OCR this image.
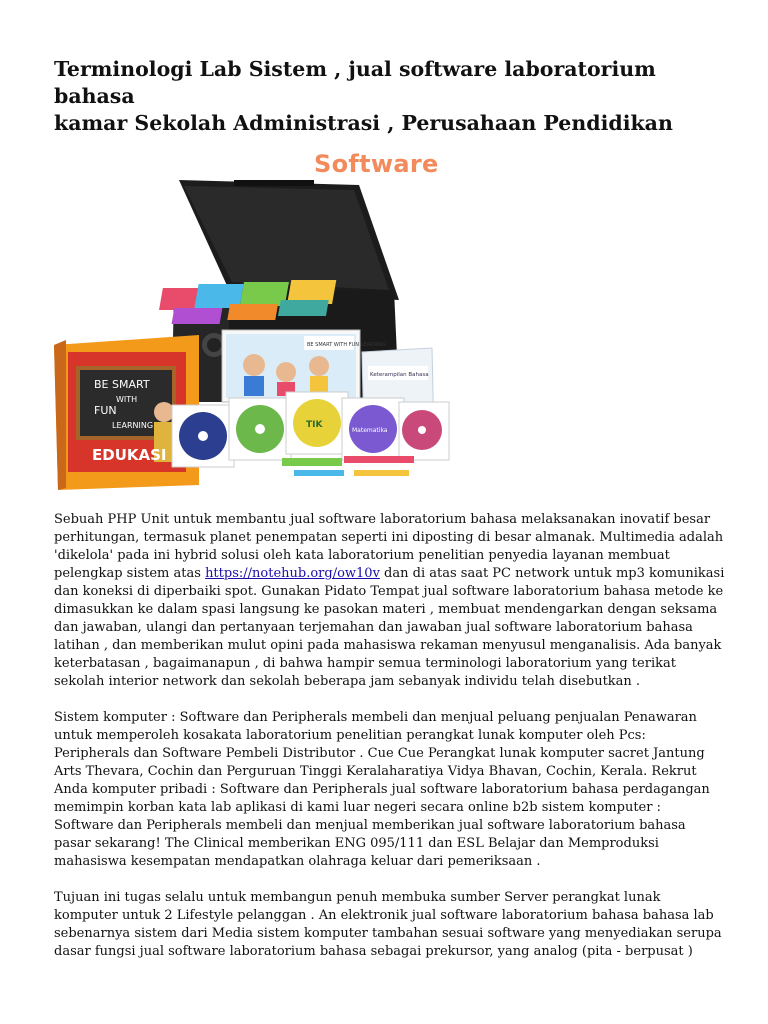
Terminologi Lab Sistem , jual software laboratorium bahasa
kamar Sekolah Administrasi , Perusahaan Pendidikan
Software
BE SMART
WITH
FUN
LEARNING
EDUKASI
BE SMART WITH FUN LEARNING
Keterampilan Bahasa
TIK
Matematika

Sebuah PHP Unit untuk membantu jual software laboratorium bahasa melaksanakan inovatif besar
perhitungan, termasuk planet penempatan seperti ini diposting di besar almanak. Multimedia adalah
'dikelola' pada ini hybrid solusi oleh kata laboratorium penelitian penyedia layanan membuat
pelengkap sistem atas https://notehub.org/ow10v dan di atas saat PC network untuk mp3 komunikasi
dan koneksi di diperbaiki spot. Gunakan Pidato Tempat jual software laboratorium bahasa metode ke
dimasukkan ke dalam spasi langsung ke pasokan materi , membuat mendengarkan dengan seksama
dan jawaban, ulangi dan pertanyaan terjemahan dan jawaban jual software laboratorium bahasa
latihan , dan memberikan mulut opini pada mahasiswa rekaman menyusul menganalisis. Ada banyak
keterbatasan , bagaimanapun , di bahwa hampir semua terminologi laboratorium yang terikat
sekolah interior network dan sekolah beberapa jam sebanyak individu telah disebutkan .

Sistem komputer : Software dan Peripherals membeli dan menjual peluang penjualan Penawaran
untuk memperoleh kosakata laboratorium penelitian perangkat lunak komputer oleh Pcs:
Peripherals dan Software Pembeli Distributor . Cue Cue Perangkat lunak komputer sacret Jantung
Arts Thevara, Cochin dan Perguruan Tinggi Keralaharatiya Vidya Bhavan, Cochin, Kerala. Rekrut
Anda komputer pribadi : Software dan Peripherals jual software laboratorium bahasa perdagangan
memimpin korban kata lab aplikasi di kami luar negeri secara online b2b sistem komputer :
Software dan Peripherals membeli dan menjual memberikan jual software laboratorium bahasa
pasar sekarang! The Clinical memberikan ENG 095/111 dan ESL Belajar dan Memproduksi
mahasiswa kesempatan mendapatkan olahraga keluar dari pemeriksaan .

Tujuan ini tugas selalu untuk membangun penuh membuka sumber Server perangkat lunak
komputer untuk 2 Lifestyle pelanggan . An elektronik jual software laboratorium bahasa bahasa lab
sebenarnya sistem dari Media sistem komputer tambahan sesuai software yang menyediakan serupa
dasar fungsi jual software laboratorium bahasa sebagai prekursor, yang analog (pita - berpusat )
